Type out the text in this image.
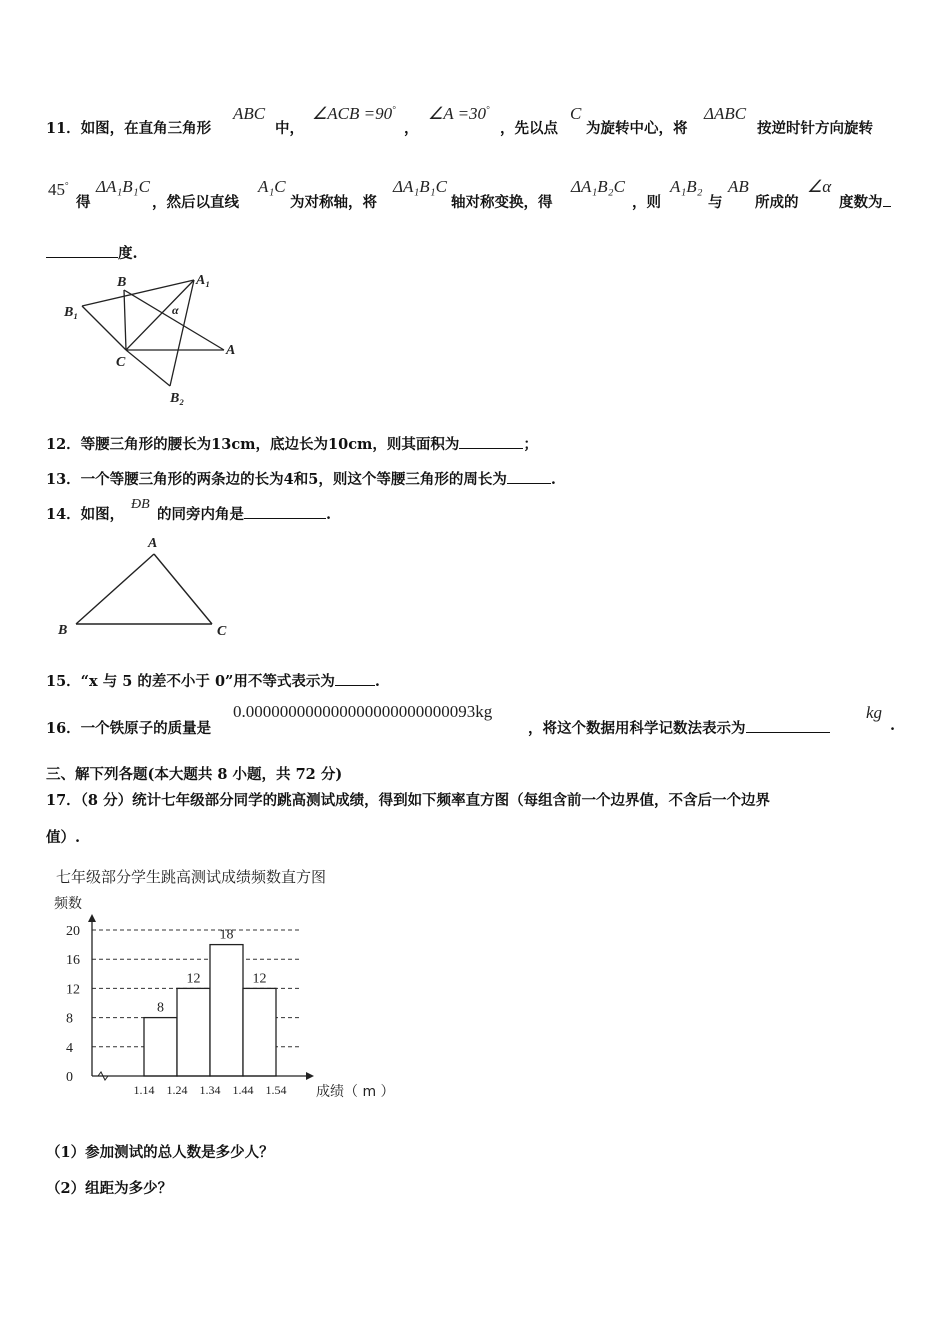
11．如图，在直角三角形
ABC
中，
∠ACB =90°
，
∠A =30°
，先以点
C
为旋转中心，将
ΔABC
按逆时针方向旋转
45°
得
ΔA₁B₁C
，然后以直线
A₁C
为对称轴，将
ΔA₁B₁C
轴对称变换，得
ΔA₁B₂C
，则
A₁B₂
与
AB
所成的
∠α
度数为
度.
B	A₁
B₁	α
A
C
B₂
12．等腰三角形的腰长为13cm，底边长为10cm，则其面积为	；
13．一个等腰三角形的两条边的长为4和5，则这个等腰三角形的周长为	.
14．如图，
ÐB
的同旁内角是	.
A
B	C
15．“x 与 5 的差不小于 0”用不等式表示为	.
16．一个铁原子的质量是
0.000000000000000000000000093kg
，将这个数据用科学记数法表示为
kg
.
三、解下列各题(本大题共 8 小题，共 72 分)
17．（8 分）统计七年级部分同学的跳高测试成绩，得到如下频率直方图（每组含前一个边界值，不含后一个边界
值）.
七年级部分学生跳高测试成绩频数直方图
频数
成绩（ m ）
0
4
8
12
16
20
1.14 1.24 1.34 1.44 1.54
8
12
18
12
（1）参加测试的总人数是多少人？
（2）组距为多少？
